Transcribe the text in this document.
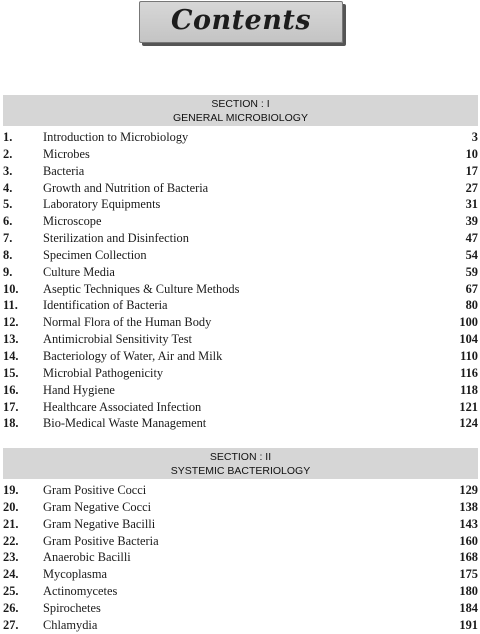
Contents
SECTION : I
GENERAL MICROBIOLOGY
1. Introduction to Microbiology	3
2. Microbes	10
3. Bacteria	17
4. Growth and Nutrition of Bacteria	27
5. Laboratory Equipments	31
6. Microscope	39
7. Sterilization and Disinfection	47
8. Specimen Collection	54
9. Culture Media	59
10. Aseptic Techniques & Culture Methods	67
11. Identification of Bacteria	80
12. Normal Flora of the Human Body	100
13. Antimicrobial Sensitivity Test	104
14. Bacteriology of Water, Air and Milk	110
15. Microbial Pathogenicity	116
16. Hand Hygiene	118
17. Healthcare Associated Infection	121
18. Bio-Medical Waste Management	124
SECTION : II
SYSTEMIC BACTERIOLOGY
19. Gram Positive Cocci	129
20. Gram Negative Cocci	138
21. Gram Negative Bacilli	143
22. Gram Positive Bacteria	160
23. Anaerobic Bacilli	168
24. Mycoplasma	175
25. Actinomycetes	180
26. Spirochetes	184
27. Chlamydia	191
